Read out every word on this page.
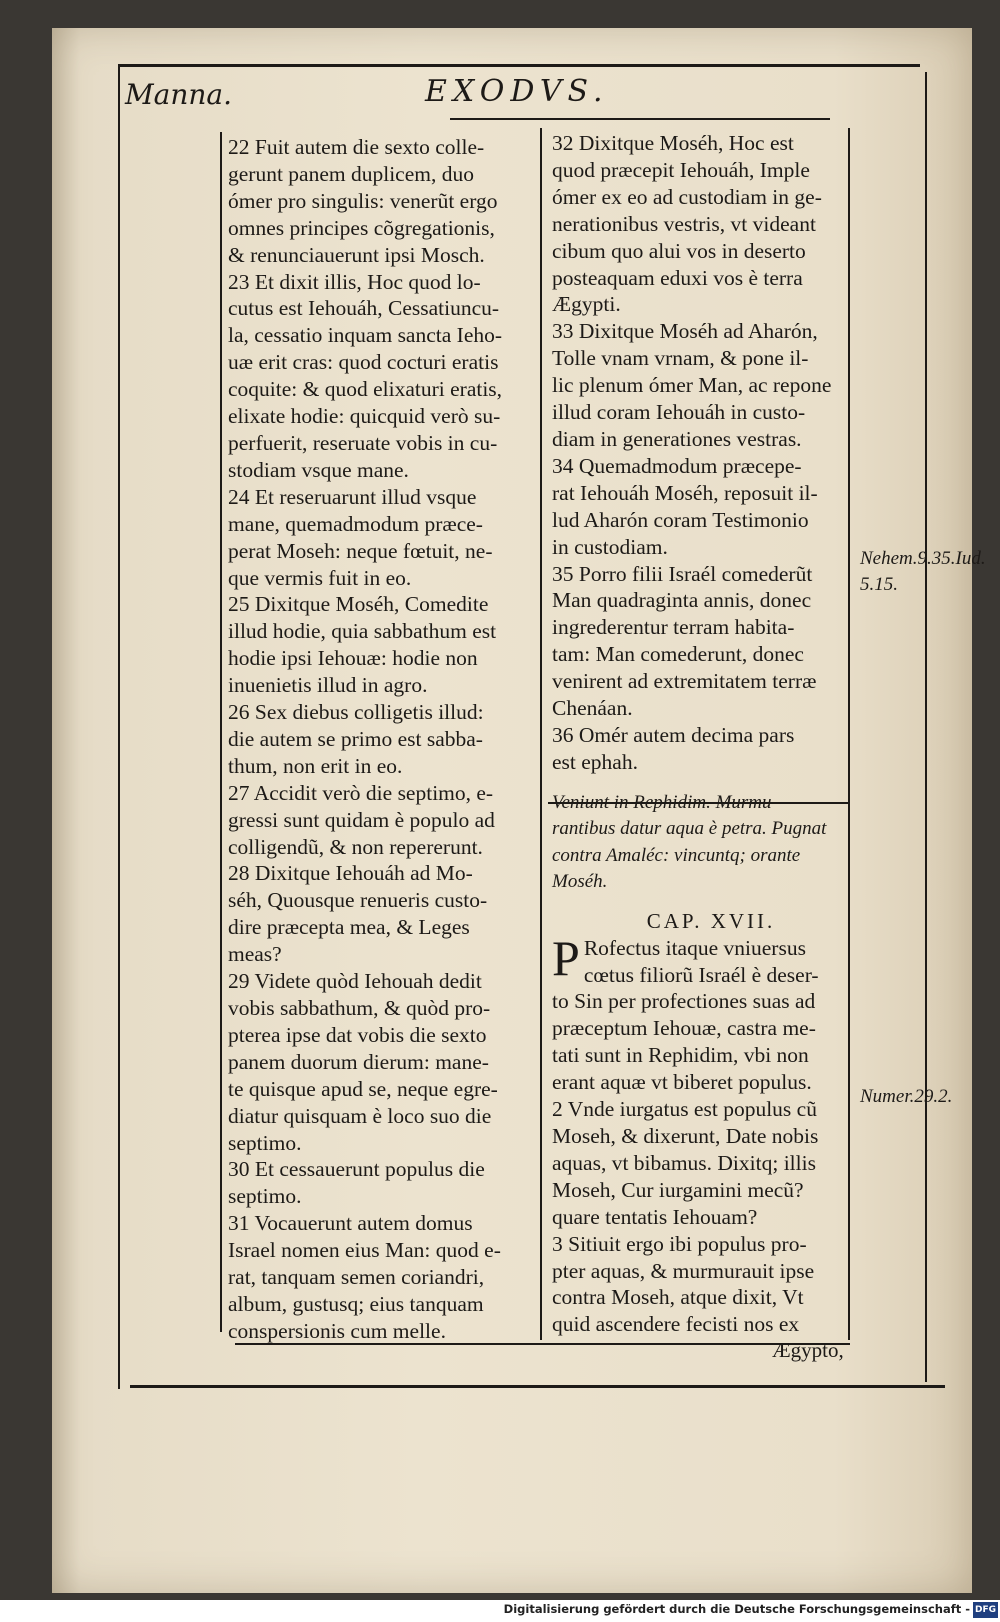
Manna.	EXODVS.
22 Fuit autem die sexto colle-
gerunt panem duplicem, duo
ómer pro singulis: venerũt ergo
omnes principes cõgregationis,
& renunciauerunt ipsi Mosch.
23 Et dixit illis, Hoc quod lo-
cutus est Iehouáh, Cessatiuncu-
la, cessatio inquam sancta Ieho-
uæ erit cras: quod cocturi eratis
coquite: & quod elixaturi eratis,
elixate hodie: quicquid verò su-
perfuerit, reseruate vobis in cu-
stodiam vsque mane.
24 Et reseruarunt illud vsque
mane, quemadmodum præce-
perat Moseh: neque fœtuit, ne-
que vermis fuit in eo.
25 Dixitque Moséh, Comedite
illud hodie, quia sabbathum est
hodie ipsi Iehouæ: hodie non
inuenietis illud in agro.
26 Sex diebus colligetis illud:
die autem se primo est sabba-
thum, non erit in eo.
27 Accidit verò die septimo, e-
gressi sunt quidam è populo ad
colligendũ, & non repererunt.
28 Dixitque Iehouáh ad Mo-
séh, Quousque renueris custo-
dire præcepta mea, & Leges
meas?
29 Videte quòd Iehouah dedit
vobis sabbathum, & quòd pro-
pterea ipse dat vobis die sexto
panem duorum dierum: mane-
te quisque apud se, neque egre-
diatur quisquam è loco suo die
septimo.
30 Et cessauerunt populus die
septimo.
31 Vocauerunt autem domus
Israel nomen eius Man: quod e-
rat, tanquam semen coriandri,
album, gustusq; eius tanquam
conspersionis cum melle.
32 Dixitque Moséh, Hoc est
quod præcepit Iehouáh, Imple
ómer ex eo ad custodiam in ge-
nerationibus vestris, vt videant
cibum quo alui vos in deserto
posteaquam eduxi vos è terra
Ægypti.
33 Dixitque Moséh ad Aharón,
Tolle vnam vrnam, & pone il-
lic plenum ómer Man, ac repone
illud coram Iehouáh in custo-
diam in generationes vestras.
34 Quemadmodum præcepe-
rat Iehouáh Moséh, reposuit il-
lud Aharón coram Testimonio
in custodiam.
35 Porro filii Israél comederũt
Man quadraginta annis, donec
ingrederentur terram habita-
tam: Man comederunt, donec
venirent ad extremitatem terræ
Chenáan.
36 Omér autem decima pars
est ephah.

Veniunt in Rephidim. Murmu-
rantibus datur aqua è petra. Pugnat
contra Amaléc: vincuntq; orante
Moséh.

CAP. XVII.

P Rofectus itaque vniuersus
cœtus filiorũ Israél è deser-
to Sin per profectiones suas ad
præceptum Iehouæ, castra me-
tati sunt in Rephidim, vbi non
erant aquæ vt biberet populus.
2 Vnde iurgatus est populus cũ
Moseh, & dixerunt, Date nobis
aquas, vt bibamus. Dixitq; illis
Moseh, Cur iurgamini mecũ?
quare tentatis Iehouam?
3 Sitiuit ergo ibi populus pro-
pter aquas, & murmurauit ipse
contra Moseh, atque dixit, Vt
quid ascendere fecisti nos ex
Nehem.9.35.Iud. 5.15.
Numer.29.2.
Ægypto,
Digitalisierung gefördert durch die Deutsche Forschungsgemeinschaft - DFG
